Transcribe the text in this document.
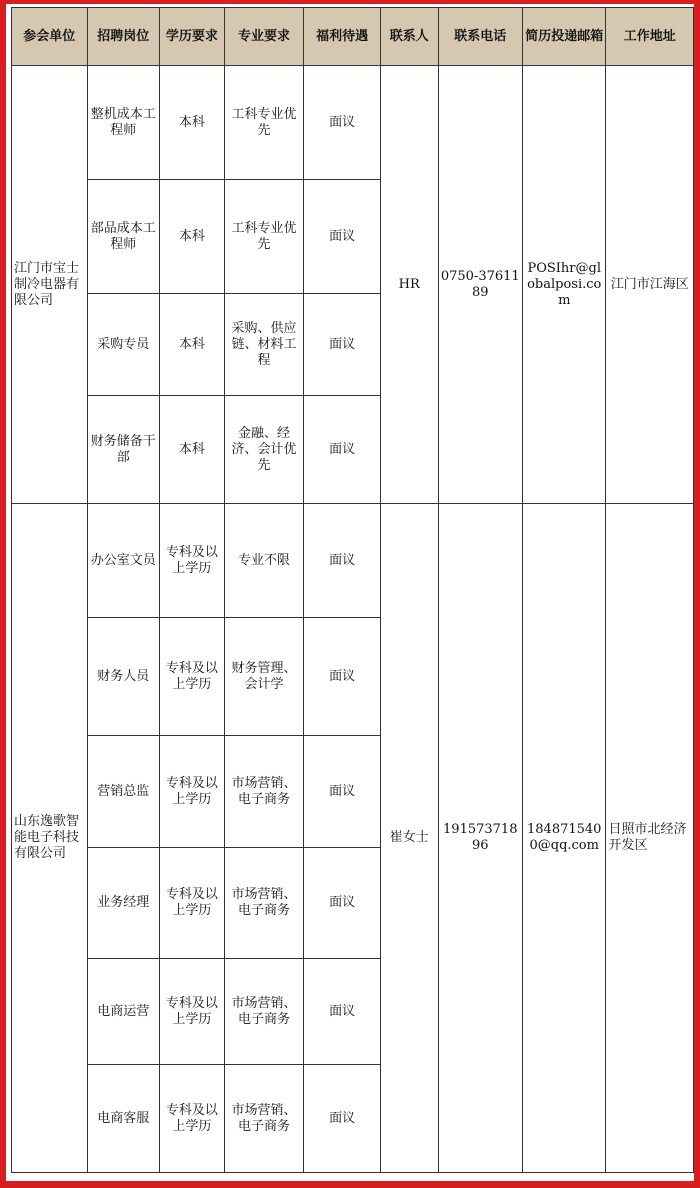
参会单位	招聘岗位	学历要求	专业要求	福利待遇	联系人	联系电话	简历投递邮箱	工作地址
江门市宝士制冷电器有限公司	整机成本工程师	本科	工科专业优先	面议	HR	0750-3761189	POSIhr@globalposi.com	江门市江海区
	部品成本工程师	本科	工科专业优先	面议				
	采购专员	本科	采购、供应链、材料工程	面议				
	财务储备干部	本科	金融、经济、会计优先	面议				
山东逸歌智能电子科技有限公司	办公室文员	专科及以上学历	专业不限	面议	崔女士	19157371896	1848715400@qq.com	日照市北经济开发区
	财务人员	专科及以上学历	财务管理、会计学	面议				
	营销总监	专科及以上学历	市场营销、电子商务	面议				
	业务经理	专科及以上学历	市场营销、电子商务	面议				
	电商运营	专科及以上学历	市场营销、电子商务	面议				
	电商客服	专科及以上学历	市场营销、电子商务	面议				
